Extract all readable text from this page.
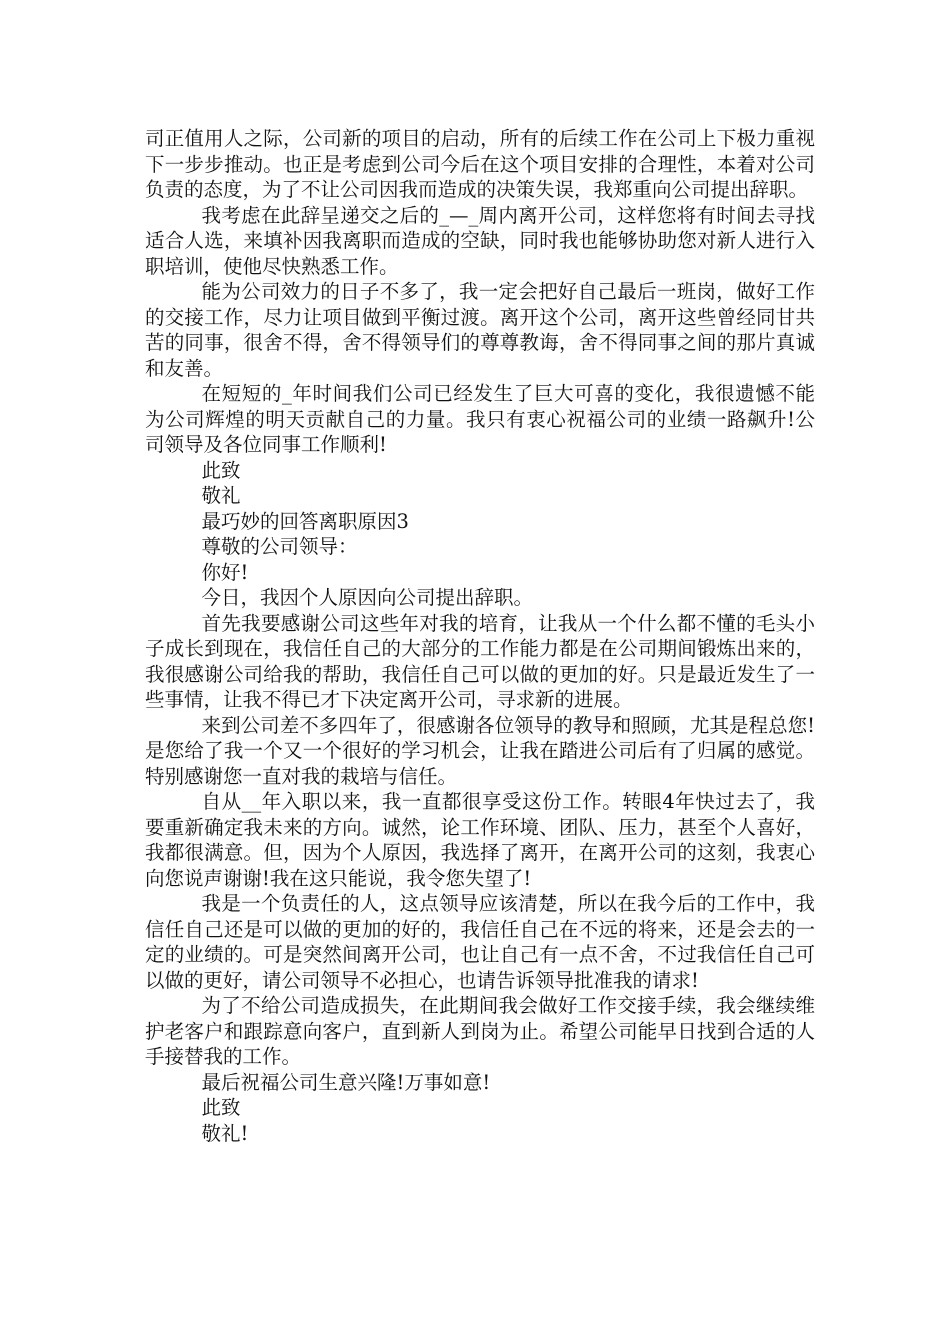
司正值用人之际，公司新的项目的启动，所有的后续工作在公司上下极力重视下一步步推动。也正是考虑到公司今后在这个项目安排的合理性，本着对公司负责的态度，为了不让公司因我而造成的决策失误，我郑重向公司提出辞职。

我考虑在此辞呈递交之后的_—_周内离开公司，这样您将有时间去寻找适合人选，来填补因我离职而造成的空缺，同时我也能够协助您对新人进行入职培训，使他尽快熟悉工作。

能为公司效力的日子不多了，我一定会把好自己最后一班岗，做好工作的交接工作，尽力让项目做到平衡过渡。离开这个公司，离开这些曾经同甘共苦的同事，很舍不得，舍不得领导们的尊尊教诲，舍不得同事之间的那片真诚和友善。

在短短的_年时间我们公司已经发生了巨大可喜的变化，我很遗憾不能为公司辉煌的明天贡献自己的力量。我只有衷心祝福公司的业绩一路飙升!公司领导及各位同事工作顺利!

此致

敬礼

最巧妙的回答离职原因3

尊敬的公司领导：

你好!

今日，我因个人原因向公司提出辞职。

首先我要感谢公司这些年对我的培育，让我从一个什么都不懂的毛头小子成长到现在，我信任自己的大部分的工作能力都是在公司期间锻炼出来的，我很感谢公司给我的帮助，我信任自己可以做的更加的好。只是最近发生了一些事情，让我不得已才下决定离开公司，寻求新的进展。

来到公司差不多四年了，很感谢各位领导的教导和照顾，尤其是程总您!是您给了我一个又一个很好的学习机会，让我在踏进公司后有了归属的感觉。特别感谢您一直对我的栽培与信任。

自从__年入职以来，我一直都很享受这份工作。转眼4年快过去了，我要重新确定我未来的方向。诚然，论工作环境、团队、压力，甚至个人喜好，我都很满意。但，因为个人原因，我选择了离开，在离开公司的这刻，我衷心向您说声谢谢!我在这只能说，我令您失望了!

我是一个负责任的人，这点领导应该清楚，所以在我今后的工作中，我信任自己还是可以做的更加的好的，我信任自己在不远的将来，还是会去的一定的业绩的。可是突然间离开公司，也让自己有一点不舍，不过我信任自己可以做的更好，请公司领导不必担心，也请告诉领导批准我的请求!

为了不给公司造成损失，在此期间我会做好工作交接手续，我会继续维护老客户和跟踪意向客户，直到新人到岗为止。希望公司能早日找到合适的人手接替我的工作。

最后祝福公司生意兴隆!万事如意!

此致

敬礼!
